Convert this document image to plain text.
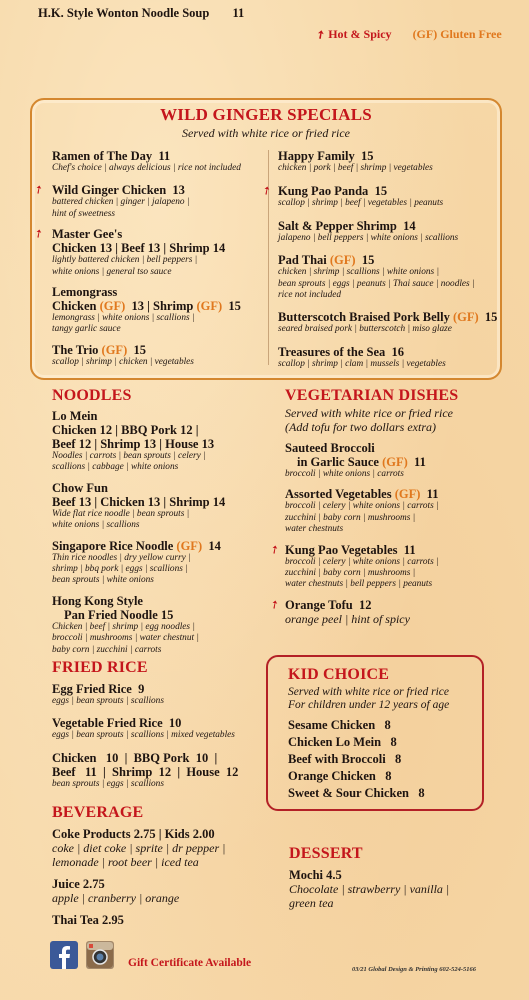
H.K. Style Wonton Noodle Soup 11
➚ Hot & Spicy (GF) Gluten Free
WILD GINGER SPECIALS
Served with white rice or fried rice
Ramen of The Day 11
Chef's choice | always delicious | rice not included
➚ Wild Ginger Chicken 13
battered chicken | ginger | jalapeno |
hint of sweetness
➚ Master Gee's
Chicken 13 | Beef 13 | Shrimp 14
lightly battered chicken | bell peppers |
white onions | general tso sauce
Lemongrass
Chicken (GF) 13 | Shrimp (GF) 15
lemongrass | white onions | scallions |
tangy garlic sauce
The Trio (GF) 15
scallop | shrimp | chicken | vegetables
Happy Family 15
chicken | pork | beef | shrimp | vegetables
➚ Kung Pao Panda 15
scallop | shrimp | beef | vegetables | peanuts
Salt & Pepper Shrimp 14
jalapeno | bell peppers | white onions | scallions
Pad Thai (GF) 15
chicken | shrimp | scallions | white onions |
bean sprouts | eggs | peanuts | Thai sauce | noodles |
rice not included
Butterscotch Braised Pork Belly (GF) 15
seared braised pork | butterscotch | miso glaze
Treasures of the Sea 16
scallop | shrimp | clam | mussels | vegetables
NOODLES
Lo Mein
Chicken 12 | BBQ Pork 12 |
Beef 12 | Shrimp 13 | House 13
Noodles | carrots | bean sprouts | celery |
scallions | cabbage | white onions
Chow Fun
Beef 13 | Chicken 13 | Shrimp 14
Wide flat rice noodle | bean sprouts |
white onions | scallions
Singapore Rice Noodle (GF) 14
Thin rice noodles | dry yellow curry |
shrimp | bbq pork | eggs | scallions |
bean sprouts | white onions
Hong Kong Style
Pan Fried Noodle 15
Chicken | beef | shrimp | egg noodles |
broccoli | mushrooms | water chestnut |
baby corn | zucchini | carrots
VEGETARIAN DISHES
Served with white rice or fried rice
(Add tofu for two dollars extra)
Sauteed Broccoli
in Garlic Sauce (GF) 11
broccoli | white onions | carrots
Assorted Vegetables (GF) 11
broccoli | celery | white onions | carrots |
zucchini | baby corn | mushrooms |
water chestnuts
➚ Kung Pao Vegetables 11
broccoli | celery | white onions | carrots |
zucchini | baby corn | mushrooms |
water chestnuts | bell peppers | peanuts
➚ Orange Tofu 12
orange peel | hint of spicy
FRIED RICE
Egg Fried Rice 9
eggs | bean sprouts | scallions
Vegetable Fried Rice 10
eggs | bean sprouts | scallions | mixed vegetables
Chicken   10  |  BBQ Pork  10  |
Beef   11  |  Shrimp  12  |  House  12
bean sprouts | eggs | scallions
KID CHOICE
Served with white rice or fried rice
For children under 12 years of age
Sesame Chicken 8
Chicken Lo Mein 8
Beef with Broccoli 8
Orange Chicken 8
Sweet & Sour Chicken 8
BEVERAGE
Coke Products 2.75 | Kids 2.00
coke | diet coke | sprite | dr pepper |
lemonade | root beer | iced tea
Juice 2.75
apple | cranberry | orange
Thai Tea 2.95
DESSERT
Mochi 4.5
Chocolate | strawberry | vanilla |
green tea
Gift Certificate Available
03/21 Global Design & Printing 602-524-5166
